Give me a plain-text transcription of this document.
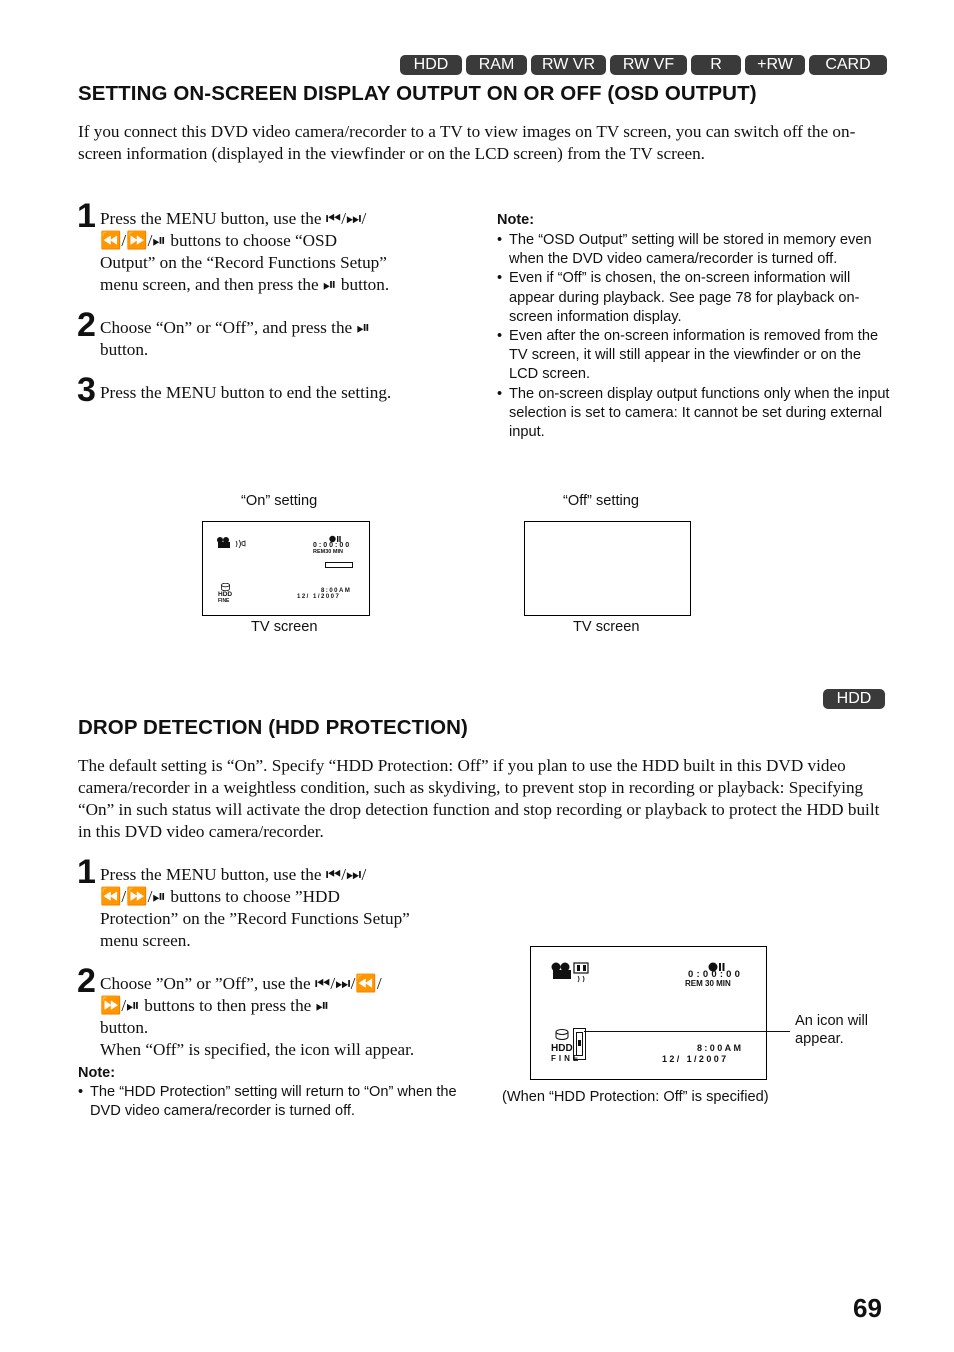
HDD	RAM	RW VR	RW VF	R	+RW	CARD
SETTING ON-SCREEN DISPLAY OUTPUT ON OR OFF (OSD OUTPUT)

If you connect this DVD video camera/recorder to a TV to view images on TV screen, you can switch off the on-screen information (displayed in the viewfinder or on the LCD screen) from the TV screen.

1 Press the MENU button, use the ⏮/⏭/
⏪/⏩/⏯ buttons to choose “OSD
Output” on the “Record Functions Setup”
menu screen, and then press the ⏯ button.
2 Choose “On” or “Off”, and press the ⏯
button.
3 Press the MENU button to end the setting.
Note:
• The “OSD Output” setting will be stored in memory even when the DVD video camera/recorder is turned off.
• Even if “Off” is chosen, the on-screen information will appear during playback. See page 78 for playback on-screen information display.
• Even after the on-screen information is removed from the TV screen, it will still appear in the viewfinder or on the LCD screen.
• The on-screen display output functions only when the input selection is set to camera: It cannot be set during external input.
“On” setting	“Off” setting
0:00:00
REM30 MIN
HDD
FINE
8:00AM
12/ 1/2007
TV screen	TV screen
HDD
DROP DETECTION (HDD PROTECTION)

The default setting is “On”. Specify “HDD Protection: Off” if you plan to use the HDD built in this DVD video camera/recorder in a weightless condition, such as skydiving, to prevent stop in recording or playback: Specifying “On” in such status will activate the drop detection function and stop recording or playback to protect the HDD built in this DVD video camera/recorder.

1 Press the MENU button, use the ⏮/⏭/
⏪/⏩/⏯ buttons to choose ”HDD
Protection” on the ”Record Functions Setup”
menu screen.
2 Choose ”On” or ”Off”, use the ⏮/⏭/⏪/
⏩/⏯ buttons to then press the ⏯
button.
When “Off” is specified, the icon will appear.
Note:
• The “HDD Protection” setting will return to “On” when the DVD video camera/recorder is turned off.
0:00:00
REM 30 MIN
HDD
FINE
8:00AM
12/ 1/2007
An icon will appear.
(When “HDD Protection: Off” is specified)
69
